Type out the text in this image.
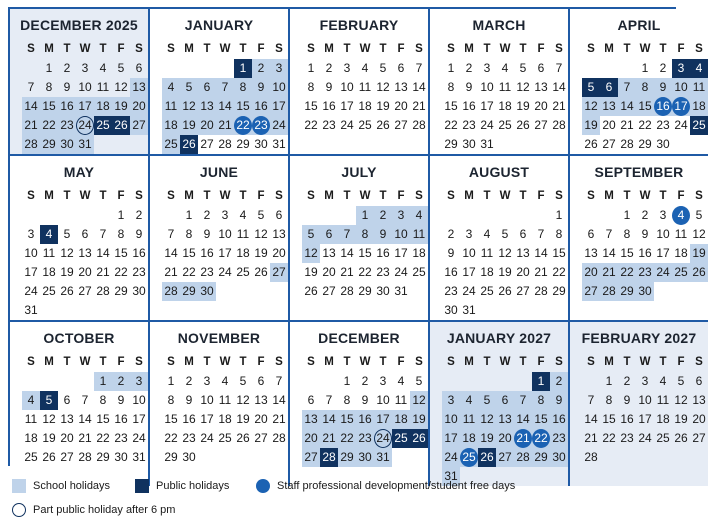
DECEMBER 2025
S M T W T F S
1 2 3 4 5 6
7 8 9 10 11 12 13
14 15 16 17 18 19 20
21 22 23 24 25 26 27
28 29 30 31
JANUARY
S M T W T F S
1 2 3
4 5 6 7 8 9 10
11 12 13 14 15 16 17
18 19 20 21 22 23 24
25 26 27 28 29 30 31
FEBRUARY
S M T W T F S
1 2 3 4 5 6 7
8 9 10 11 12 13 14
15 16 17 18 19 20 21
22 23 24 25 26 27 28
MARCH
S M T W T F S
1 2 3 4 5 6 7
8 9 10 11 12 13 14
15 16 17 18 19 20 21
22 23 24 25 26 27 28
29 30 31
APRIL
S M T W T F S
1 2 3 4
5 6 7 8 9 10 11
12 13 14 15 16 17 18
19 20 21 22 23 24 25
26 27 28 29 30
MAY
S M T W T F S
1 2
3 4 5 6 7 8 9
10 11 12 13 14 15 16
17 18 19 20 21 22 23
24 25 26 27 28 29 30
31
JUNE
S M T W T F S
1 2 3 4 5 6
7 8 9 10 11 12 13
14 15 16 17 18 19 20
21 22 23 24 25 26 27
28 29 30
JULY
S M T W T F S
1 2 3 4
5 6 7 8 9 10 11
12 13 14 15 16 17 18
19 20 21 22 23 24 25
26 27 28 29 30 31
AUGUST
S M T W T F S
1
2 3 4 5 6 7 8
9 10 11 12 13 14 15
16 17 18 19 20 21 22
23 24 25 26 27 28 29
30 31
SEPTEMBER
S M T W T F S
1 2 3 4 5
6 7 8 9 10 11 12
13 14 15 16 17 18 19
20 21 22 23 24 25 26
27 28 29 30
OCTOBER
S M T W T F S
1 2 3
4 5 6 7 8 9 10
11 12 13 14 15 16 17
18 19 20 21 22 23 24
25 26 27 28 29 30 31
NOVEMBER
S M T W T F S
1 2 3 4 5 6 7
8 9 10 11 12 13 14
15 16 17 18 19 20 21
22 23 24 25 26 27 28
29 30
DECEMBER
S M T W T F S
1 2 3 4 5
6 7 8 9 10 11 12
13 14 15 16 17 18 19
20 21 22 23 24 25 26
27 28 29 30 31
JANUARY 2027
S M T W T F S
1 2
3 4 5 6 7 8 9
10 11 12 13 14 15 16
17 18 19 20 21 22 23
24 25 26 27 28 29 30
31
FEBRUARY 2027
S M T W T F S
1 2 3 4 5 6
7 8 9 10 11 12 13
14 15 16 17 18 19 20
21 22 23 24 25 26 27
28
School holidays	Public holidays	Staff professional development/student free days
Part public holiday after 6 pm
